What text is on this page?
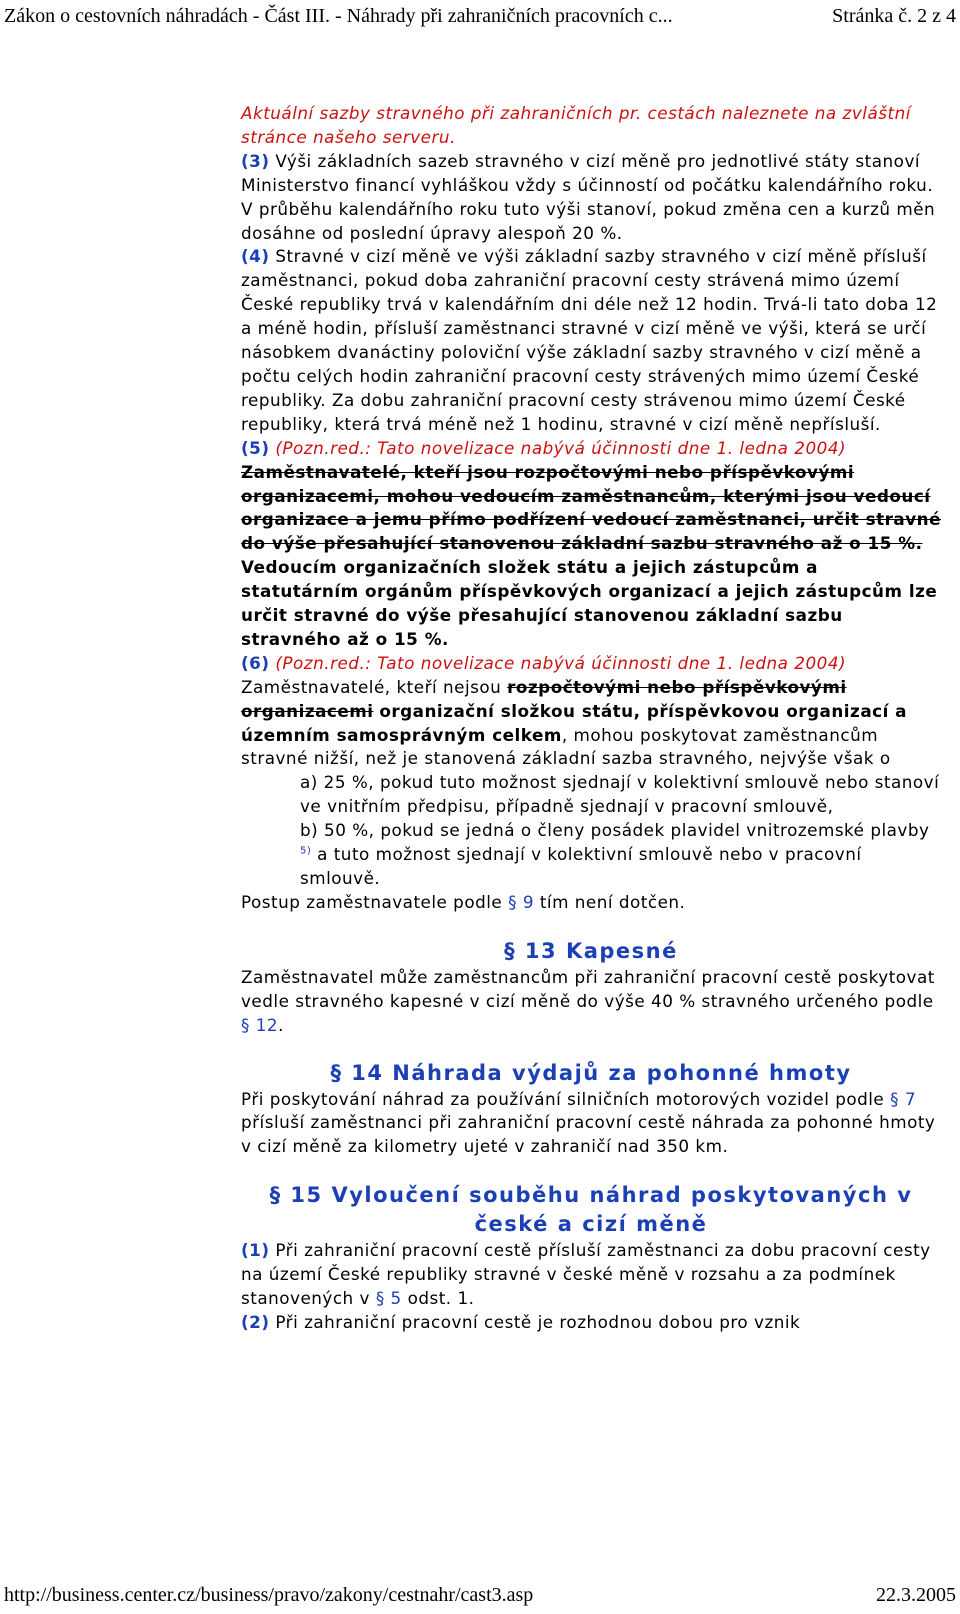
Zákon o cestovních náhradách - Část III. - Náhrady při zahraničních pracovních c...	Stránka č. 2 z 4

Aktuální sazby stravného při zahraničních pr. cestách naleznete na zvláštní stránce našeho serveru.

(3) Výši základních sazeb stravného v cizí měně pro jednotlivé státy stanoví Ministerstvo financí vyhláškou vždy s účinností od počátku kalendářního roku. V průběhu kalendářního roku tuto výši stanoví, pokud změna cen a kurzů měn dosáhne od poslední úpravy alespoň 20 %.

(4) Stravné v cizí měně ve výši základní sazby stravného v cizí měně přísluší zaměstnanci, pokud doba zahraniční pracovní cesty strávená mimo území České republiky trvá v kalendářním dni déle než 12 hodin. Trvá-li tato doba 12 a méně hodin, přísluší zaměstnanci stravné v cizí měně ve výši, která se určí násobkem dvanáctiny poloviční výše základní sazby stravného v cizí měně a počtu celých hodin zahraniční pracovní cesty strávených mimo území České republiky. Za dobu zahraniční pracovní cesty strávenou mimo území České republiky, která trvá méně než 1 hodinu, stravné v cizí měně nepřísluší.

(5) (Pozn.red.: Tato novelizace nabývá účinnosti dne 1. ledna 2004)

Zaměstnavatelé, kteří jsou rozpočtovými nebo příspěvkovými organizacemi, mohou vedoucím zaměstnancům, kterými jsou vedoucí organizace a jemu přímo podřízení vedoucí zaměstnanci, určit stravné do výše přesahující stanovenou základní sazbu stravného až o 15 %.

Vedoucím organizačních složek státu a jejich zástupcům a statutárním orgánům příspěvkových organizací a jejich zástupcům lze určit stravné do výše přesahující stanovenou základní sazbu stravného až o 15 %.

(6) (Pozn.red.: Tato novelizace nabývá účinnosti dne 1. ledna 2004)

Zaměstnavatelé, kteří nejsou rozpočtovými nebo příspěvkovými organizacemi organizační složkou státu, příspěvkovou organizací a územním samosprávným celkem, mohou poskytovat zaměstnancům stravné nižší, než je stanovená základní sazba stravného, nejvýše však o

a) 25 %, pokud tuto možnost sjednají v kolektivní smlouvě nebo stanoví ve vnitřním předpisu, případně sjednají v pracovní smlouvě,

b) 50 %, pokud se jedná o členy posádek plavidel vnitrozemské plavby $^{5)}$ a tuto možnost sjednají v kolektivní smlouvě nebo v pracovní smlouvě.

Postup zaměstnavatele podle § 9 tím není dotčen.

§ 13 Kapesné

Zaměstnavatel může zaměstnancům při zahraniční pracovní cestě poskytovat vedle stravného kapesné v cizí měně do výše 40 % stravného určeného podle § 12.

§ 14 Náhrada výdajů za pohonné hmoty

Při poskytování náhrad za používání silničních motorových vozidel podle § 7 přísluší zaměstnanci při zahraniční pracovní cestě náhrada za pohonné hmoty v cizí měně za kilometry ujeté v zahraničí nad 350 km.

§ 15 Vyloučení souběhu náhrad poskytovaných v české a cizí měně

(1) Při zahraniční pracovní cestě přísluší zaměstnanci za dobu pracovní cesty na území České republiky stravné v české měně v rozsahu a za podmínek stanovených v § 5 odst. 1.

(2) Při zahraniční pracovní cestě je rozhodnou dobou pro vznik

http://business.center.cz/business/pravo/zakony/cestnahr/cast3.asp	22.3.2005
